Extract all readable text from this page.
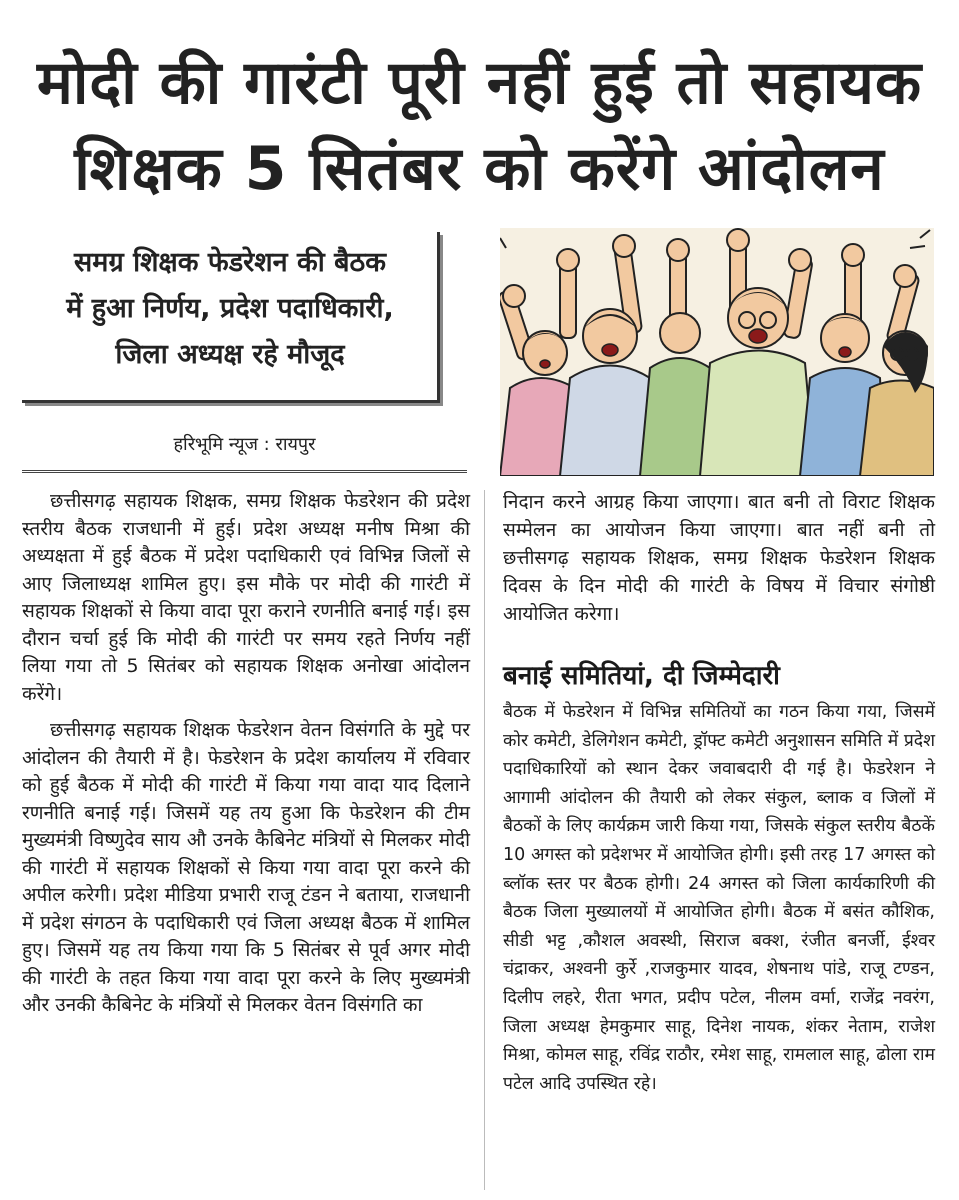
मोदी की गारंटी पूरी नहीं हुई तो सहायक
शिक्षक 5 सितंबर को करेंगे आंदोलन
समग्र शिक्षक फेडरेशन की बैठक
में हुआ निर्णय, प्रदेश पदाधिकारी,
जिला अध्यक्ष रहे मौजूद
हरिभूमि न्यूज : रायपुर

छत्तीसगढ़ सहायक शिक्षक, समग्र शिक्षक फेडरेशन की प्रदेश स्तरीय बैठक राजधानी में हुई। प्रदेश अध्यक्ष मनीष मिश्रा की अध्यक्षता में हुई बैठक में प्रदेश पदाधिकारी एवं विभिन्न जिलों से आए जिलाध्यक्ष शामिल हुए। इस मौके पर मोदी की गारंटी में सहायक शिक्षकों से किया वादा पूरा कराने रणनीति बनाई गई। इस दौरान चर्चा हुई कि मोदी की गारंटी पर समय रहते निर्णय नहीं लिया गया तो 5 सितंबर को सहायक शिक्षक अनोखा आंदोलन करेंगे।

छत्तीसगढ़ सहायक शिक्षक फेडरेशन वेतन विसंगति के मुद्दे पर आंदोलन की तैयारी में है। फेडरेशन के प्रदेश कार्यालय में रविवार को हुई बैठक में मोदी की गारंटी में किया गया वादा याद दिलाने रणनीति बनाई गई। जिसमें यह तय हुआ कि फेडरेशन की टीम मुख्यमंत्री विष्णुदेव साय औ उनके कैबिनेट मंत्रियों से मिलकर मोदी की गारंटी में सहायक शिक्षकों से किया गया वादा पूरा करने की अपील करेगी। प्रदेश मीडिया प्रभारी राजू टंडन ने बताया, राजधानी में प्रदेश संगठन के पदाधिकारी एवं जिला अध्यक्ष बैठक में शामिल हुए। जिसमें यह तय किया गया कि 5 सितंबर से पूर्व अगर मोदी की गारंटी के तहत किया गया वादा पूरा करने के लिए मुख्यमंत्री और उनकी कैबिनेट के मंत्रियों से मिलकर वेतन विसंगति का

निदान करने आग्रह किया जाएगा। बात बनी तो विराट शिक्षक सम्मेलन का आयोजन किया जाएगा। बात नहीं बनी तो छत्तीसगढ़ सहायक शिक्षक, समग्र शिक्षक फेडरेशन शिक्षक दिवस के दिन मोदी की गारंटी के विषय में विचार संगोष्ठी आयोजित करेगा।

बनाई समितियां, दी जिम्मेदारी

बैठक में फेडरेशन में विभिन्न समितियों का गठन किया गया, जिसमें कोर कमेटी, डेलिगेशन कमेटी, ड्रॉफ्ट कमेटी अनुशासन समिति में प्रदेश पदाधिकारियों को स्थान देकर जवाबदारी दी गई है। फेडरेशन ने आगामी आंदोलन की तैयारी को लेकर संकुल, ब्लाक व जिलों में बैठकों के लिए कार्यक्रम जारी किया गया, जिसके संकुल स्तरीय बैठकें 10 अगस्त को प्रदेशभर में आयोजित होगी। इसी तरह 17 अगस्त को ब्लॉक स्तर पर बैठक होगी। 24 अगस्त को जिला कार्यकारिणी की बैठक जिला मुख्यालयों में आयोजित होगी। बैठक में बसंत कौशिक, सीडी भट्ट ,कौशल अवस्थी, सिराज बक्श, रंजीत बनर्जी, ईश्वर चंद्राकर, अश्वनी कुर्रे ,राजकुमार यादव, शेषनाथ पांडे, राजू टण्डन, दिलीप लहरे, रीता भगत, प्रदीप पटेल, नीलम वर्मा, राजेंद्र नवरंग, जिला अध्यक्ष हेमकुमार साहू, दिनेश नायक, शंकर नेताम, राजेश मिश्रा, कोमल साहू, रविंद्र राठौर, रमेश साहू, रामलाल साहू, ढोला राम पटेल आदि उपस्थित रहे।
